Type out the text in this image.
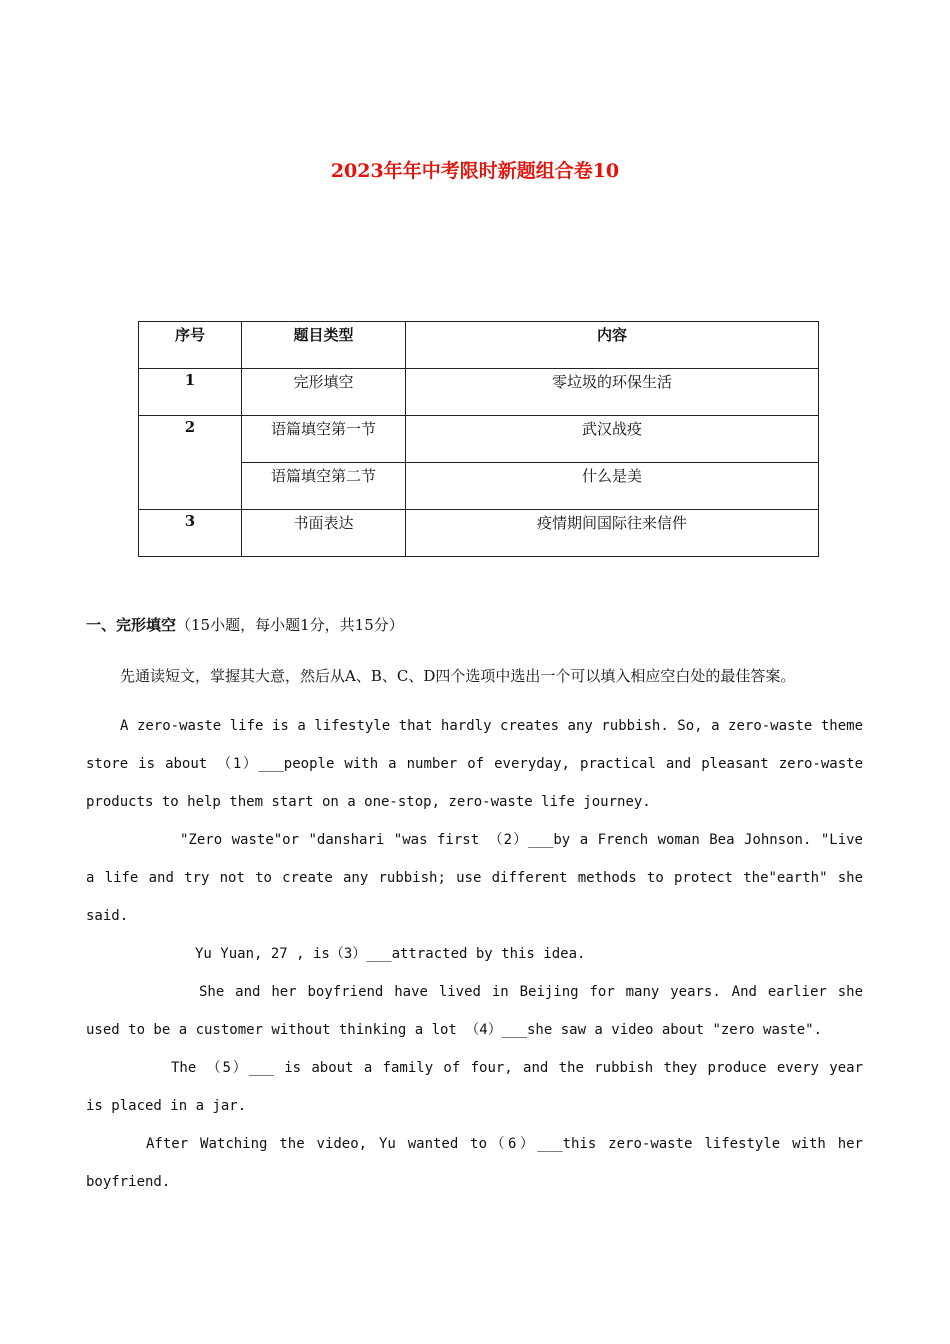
2023年年中考限时新题组合卷10
序号	题目类型	内容
1	完形填空	零垃圾的环保生活
2	语篇填空第一节	武汉战疫
	语篇填空第二节	什么是美
3	书面表达	疫情期间国际往来信件
一、完形填空（15小题，每小题1分，共15分）
先通读短文，掌握其大意，然后从A、B、C、D四个选项中选出一个可以填入相应空白处的最佳答案。
A zero-waste life is a lifestyle that hardly creates any rubbish. So, a zero-waste theme
store is about （1）___people with a number of everyday, practical and pleasant zero-waste
products to help them start on a one-stop, zero-waste life journey.
"Zero waste"or "danshari "was first （2）___by a French woman Bea Johnson. "Live
a life and try not to create any rubbish; use different methods to protect the"earth" she
said.
Yu Yuan, 27 , is（3）___attracted by this idea.
She and her boyfriend have lived in Beijing for many years. And earlier she
used to be a customer without thinking a lot （4）___she saw a video about "zero waste".
The （5）___ is about a family of four, and the rubbish they produce every year
is placed in a jar.
After Watching the video, Yu wanted to（6）___this zero-waste lifestyle with her
boyfriend.
